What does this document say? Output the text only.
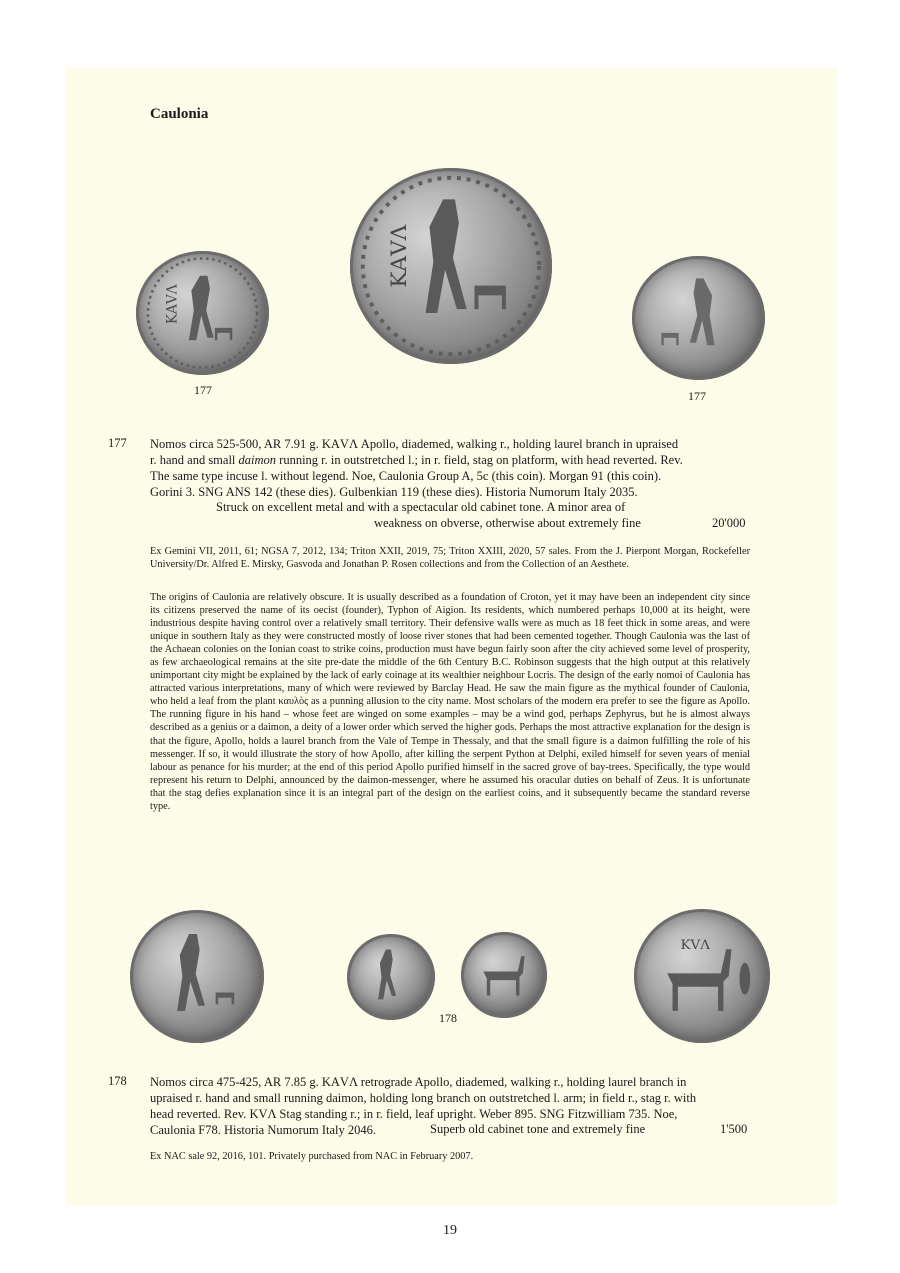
Caulonia
ΚΑVΛ
ΚΑVΛ
177	177
177 Nomos circa 525-500, AR 7.91 g. ΚΑVΛ Apollo, diademed, walking r., holding laurel branch in upraised

r. hand and small daimon running r. in outstretched l.; in r. field, stag on platform, with head reverted. Rev.

The same type incuse l. without legend. Noe, Caulonia Group A, 5c (this coin). Morgan 91 (this coin).

Gorini 3. SNG ANS 142 (these dies). Gulbenkian 119 (these dies). Historia Numorum Italy 2035.

Struck on excellent metal and with a spectacular old cabinet tone. A minor area of
weakness on obverse, otherwise about extremely fine	20'000
Ex Gemini VII, 2011, 61; NGSA 7, 2012, 134; Triton XXII, 2019, 75; Triton XXIII, 2020, 57 sales. From the J. Pierpont Morgan, Rockefeller University/Dr. Alfred E. Mirsky, Gasvoda and Jonathan P. Rosen collections and from the Collection of an Aesthete.
The origins of Caulonia are relatively obscure. It is usually described as a foundation of Croton, yet it may have been an independent city since its citizens preserved the name of its oecist (founder), Typhon of Aigion. Its residents, which numbered perhaps 10,000 at its height, were industrious despite having control over a relatively small territory. Their defensive walls were as much as 18 feet thick in some areas, and were unique in southern Italy as they were constructed mostly of loose river stones that had been cemented together. Though Caulonia was the last of the Achaean colonies on the Ionian coast to strike coins, production must have begun fairly soon after the city achieved some level of prosperity, as few archaeological remains at the site pre-date the middle of the 6th Century B.C. Robinson suggests that the high output at this relatively unimportant city might be explained by the lack of early coinage at its wealthier neighbour Locris. The design of the early nomoi of Caulonia has attracted various interpretations, many of which were reviewed by Barclay Head. He saw the main figure as the mythical founder of Caulonia, who held a leaf from the plant καυλὸς as a punning allusion to the city name. Most scholars of the modern era prefer to see the figure as Apollo. The running figure in his hand – whose feet are winged on some examples – may be a wind god, perhaps Zephyrus, but he is almost always described as a genius or a daimon, a deity of a lower order which served the higher gods. Perhaps the most attractive explanation for the design is that the figure, Apollo, holds a laurel branch from the Vale of Tempe in Thessaly, and that the small figure is a daimon fulfilling the role of his messenger. If so, it would illustrate the story of how Apollo, after killing the serpent Python at Delphi, exiled himself for seven years of menial labour as penance for his murder; at the end of this period Apollo purified himself in the sacred grove of bay-trees. Specifically, the type would represent his return to Delphi, announced by the daimon-messenger, where he assumed his oracular duties on behalf of Zeus. It is unfortunate that the stag defies explanation since it is an integral part of the design on the earliest coins, and it subsequently became the standard reverse type.
ΚVΛ
178
178 Nomos circa 475-425, AR 7.85 g. ΚΑVΛ retrograde Apollo, diademed, walking r., holding laurel branch in

upraised r. hand and small running daimon, holding long branch on outstretched l. arm; in field r., stag r. with

head reverted. Rev. ΚVΛ Stag standing r.; in r. field, leaf upright. Weber 895. SNG Fitzwilliam 735. Noe,

Caulonia F78. Historia Numorum Italy 2046.	Superb old cabinet tone and extremely fine	1'500
Ex NAC sale 92, 2016, 101. Privately purchased from NAC in February 2007.
19
